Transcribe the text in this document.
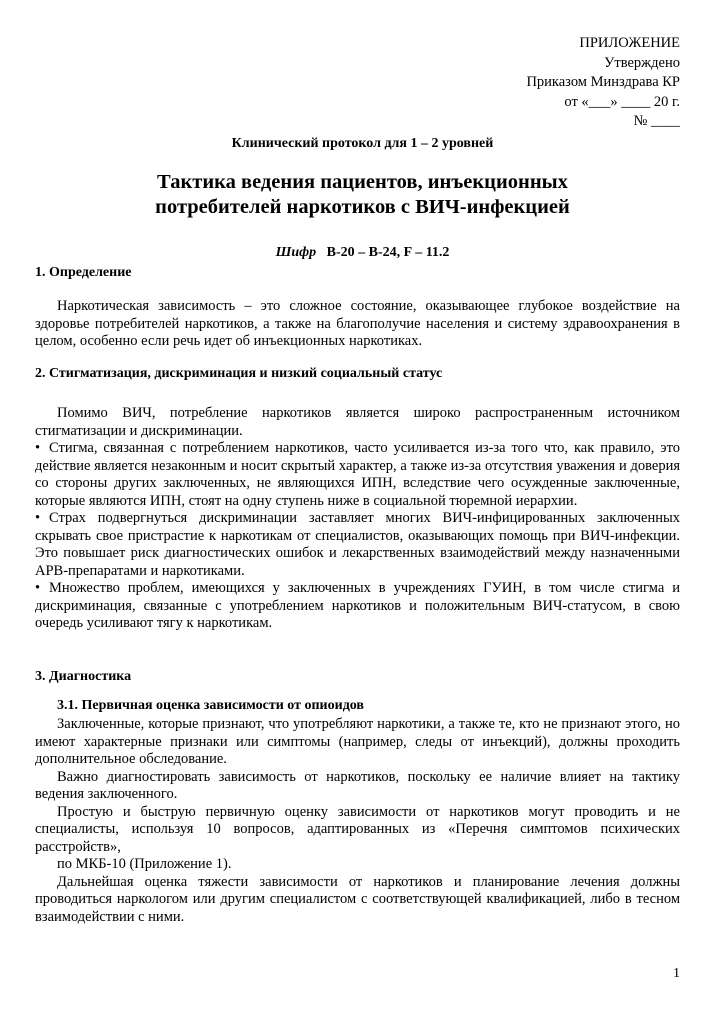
ПРИЛОЖЕНИЕ
Утверждено
Приказом Минздрава КР
от «___» ____ 20 г.
№ ____
Клинический протокол для 1 – 2 уровней
Тактика ведения пациентов, инъекционных
потребителей наркотиков с ВИЧ-инфекцией
Шифр В-20 – В-24, F – 11.2
1. Определение

Наркотическая зависимость – это сложное состояние, оказывающее глубокое воздействие на здоровье потребителей наркотиков, а также на благополучие населения и систему здравоохранения в целом, особенно если речь идет об инъекционных наркотиках.

2. Стигматизация, дискриминация и низкий социальный статус

Помимо ВИЧ, потребление наркотиков является широко распространенным источником стигматизации и дискриминации.

• Стигма, связанная с потреблением наркотиков, часто усиливается из-за того что, как правило, это действие является незаконным и носит скрытый характер, а также из-за отсутствия уважения и доверия со стороны других заключенных, не являющихся ИПН, вследствие чего осужденные заключенные, которые являются ИПН, стоят на одну ступень ниже в социальной тюремной иерархии.

• Страх подвергнуться дискриминации заставляет многих ВИЧ-инфицированных заключенных скрывать свое пристрастие к наркотикам от специалистов, оказывающих помощь при ВИЧ-инфекции. Это повышает риск диагностических ошибок и лекарственных взаимодействий между назначенными АРВ-препаратами и наркотиками.

• Множество проблем, имеющихся у заключенных в учреждениях ГУИН, в том числе стигма и дискриминация, связанные с употреблением наркотиков и положительным ВИЧ-статусом, в свою очередь усиливают тягу к наркотикам.

3. Диагностика
3.1. Первичная оценка зависимости от опиоидов

Заключенные, которые признают, что употребляют наркотики, а также те, кто не признают этого, но имеют характерные признаки или симптомы (например, следы от инъекций), должны проходить дополнительное обследование.

Важно диагностировать зависимость от наркотиков, поскольку ее наличие влияет на тактику ведения заключенного.

Простую и быструю первичную оценку зависимости от наркотиков могут проводить и не специалисты, используя 10 вопросов, адаптированных из «Перечня симптомов психических расстройств»,

по МКБ-10 (Приложение 1).

Дальнейшая оценка тяжести зависимости от наркотиков и планирование лечения должны проводиться наркологом или другим специалистом с соответствующей квалификацией, либо в тесном взаимодействии с ними.

1
